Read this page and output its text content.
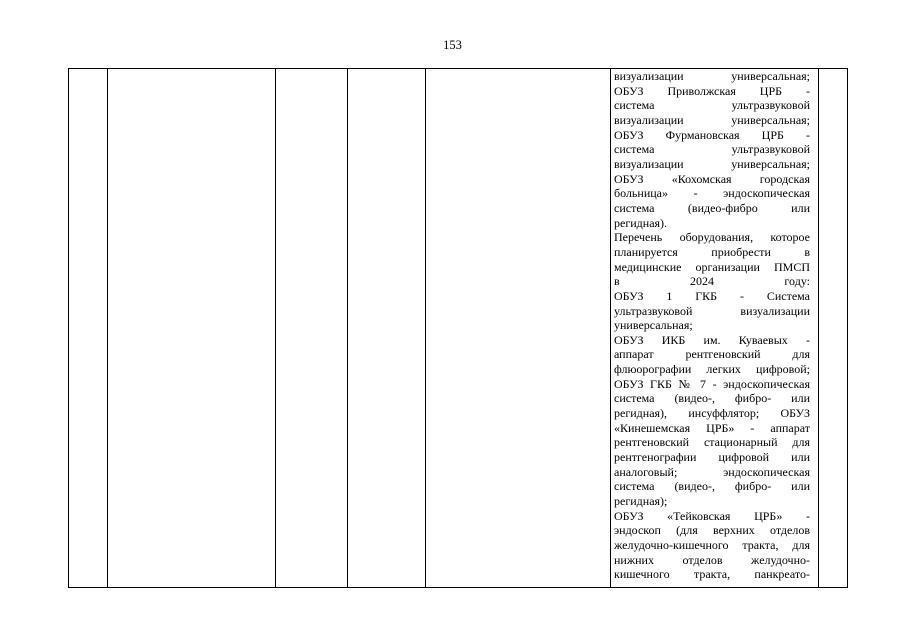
153
визуализации универсальная;
ОБУЗ Приволжская ЦРБ -
система ультразвуковой
визуализации универсальная;
ОБУЗ Фурмановская ЦРБ -
система ультразвуковой
визуализации универсальная;
ОБУЗ «Кохомская городская
больница» - эндоскопическая
система (видео-фибро или
регидная).
Перечень оборудования, которое
планируется приобрести в
медицинские организации ПМСП
в 2024 году:
ОБУЗ 1 ГКБ - Система
ультразвуковой визуализации
универсальная;
ОБУЗ ИКБ им. Куваевых -
аппарат рентгеновский для
флюорографии легких цифровой;
ОБУЗ ГКБ № 7 - эндоскопическая
система (видео-, фибро- или
регидная), инсуффлятор; ОБУЗ
«Кинешемская ЦРБ» - аппарат
рентгеновский стационарный для
рентгенографии цифровой или
аналоговый; эндоскопическая
система (видео-, фибро- или
регидная);
ОБУЗ «Тейковская ЦРБ» -
эндоскоп (для верхних отделов
желудочно-кишечного тракта, для
нижних отделов желудочно-
кишечного тракта, панкреато-
